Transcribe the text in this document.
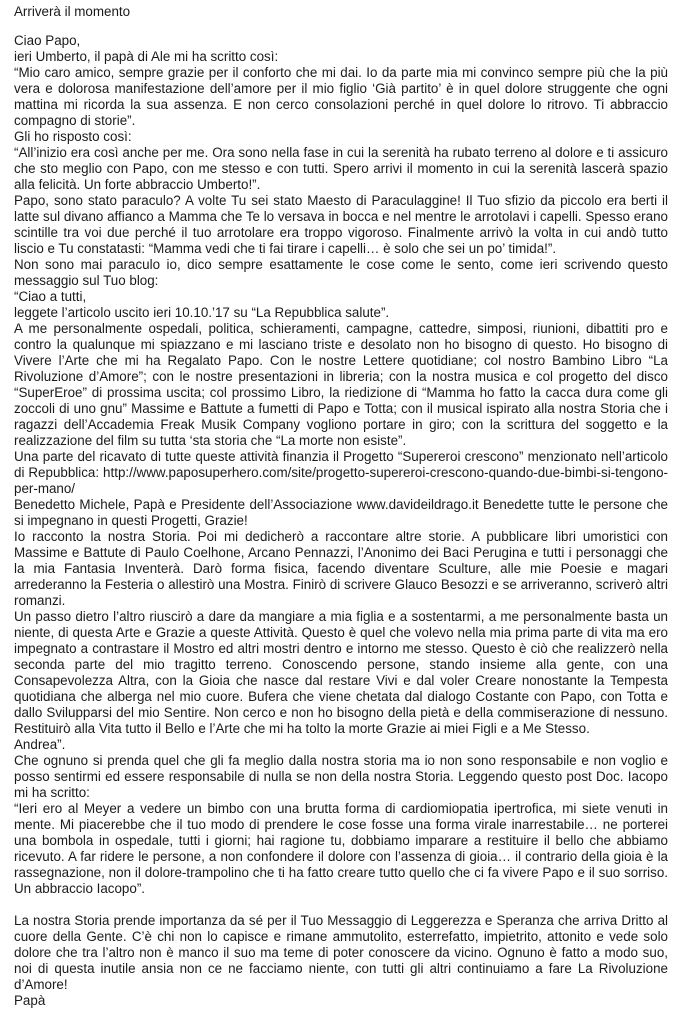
Arriverà il momento

Ciao Papo,

ieri Umberto, il papà di Ale mi ha scritto così:

“Mio caro amico, sempre grazie per il conforto che mi dai. Io da parte mia mi convinco sempre più che la più vera e dolorosa manifestazione dell’amore per il mio figlio ‘Già partito’ è in quel dolore struggente che ogni mattina mi ricorda la sua assenza. E non cerco consolazioni perché in quel dolore lo ritrovo. Ti abbraccio compagno di storie”.

Gli ho risposto così:

“All’inizio era così anche per me. Ora sono nella fase in cui la serenità ha rubato terreno al dolore e ti assicuro che sto meglio con Papo, con me stesso e con tutti. Spero arrivi il momento in cui la serenità lascerà spazio alla felicità. Un forte abbraccio Umberto!”.

Papo, sono stato paraculo? A volte Tu sei stato Maesto di Paraculaggine! Il Tuo sfizio da piccolo era berti il latte sul divano affianco a Mamma che Te lo versava in bocca e nel mentre le arrotolavi i capelli. Spesso erano scintille tra voi due perché il tuo arrotolare era troppo vigoroso. Finalmente arrivò la volta in cui andò tutto liscio e Tu constatasti: “Mamma vedi che ti fai tirare i capelli… è solo che sei un po’ timida!”.

Non sono mai paraculo io, dico sempre esattamente le cose come le sento, come ieri scrivendo questo messaggio sul Tuo blog:

“Ciao a tutti,

leggete l’articolo uscito ieri 10.10.’17 su “La Repubblica salute”.

A me personalmente ospedali, politica, schieramenti, campagne, cattedre, simposi, riunioni, dibattiti pro e contro la qualunque mi spiazzano e mi lasciano triste e desolato non ho bisogno di questo. Ho bisogno di Vivere l’Arte che mi ha Regalato Papo. Con le nostre Lettere quotidiane; col nostro Bambino Libro “La Rivoluzione d’Amore”; con le nostre presentazioni in libreria; con la nostra musica e col progetto del disco “SuperEroe” di prossima uscita; col prossimo Libro, la riedizione di “Mamma ho fatto la cacca dura come gli zoccoli di uno gnu” Massime e Battute a fumetti di Papo e Totta; con il musical ispirato alla nostra Storia che i ragazzi dell’Accademia Freak Musik Company vogliono portare in giro; con la scrittura del soggetto e la realizzazione del film su tutta ‘sta storia che “La morte non esiste”.

Una parte del ricavato di tutte queste attività finanzia il Progetto “Supereroi crescono” menzionato nell’articolo di Repubblica: http://www.paposuperhero.com/site/progetto-supereroi-crescono-quando-due-bimbi-si-tengono-per-mano/

Benedetto Michele, Papà e Presidente dell’Associazione www.davideildrago.it Benedette tutte le persone che si impegnano in questi Progetti, Grazie!

Io racconto la nostra Storia. Poi mi dedicherò a raccontare altre storie. A pubblicare libri umoristici con Massime e Battute di Paulo Coelhone, Arcano Pennazzi, l’Anonimo dei Baci Perugina e tutti i personaggi che la mia Fantasia Inventerà. Darò forma fisica, facendo diventare Sculture, alle mie Poesie e magari arrederanno la Festeria o allestirò una Mostra. Finirò di scrivere Glauco Besozzi e se arriveranno, scriverò altri romanzi.

Un passo dietro l’altro riuscirò a dare da mangiare a mia figlia e a sostentarmi, a me personalmente basta un niente, di questa Arte e Grazie a queste Attività. Questo è quel che volevo nella mia prima parte di vita ma ero impegnato a contrastare il Mostro ed altri mostri dentro e intorno me stesso. Questo è ciò che realizzerò nella seconda parte del mio tragitto terreno. Conoscendo persone, stando insieme alla gente, con una Consapevolezza Altra, con la Gioia che nasce dal restare Vivi e dal voler Creare nonostante la Tempesta quotidiana che alberga nel mio cuore. Bufera che viene chetata dal dialogo Costante con Papo, con Totta e dallo Svilupparsi del mio Sentire. Non cerco e non ho bisogno della pietà e della commiserazione di nessuno. Restituirò alla Vita tutto il Bello e l’Arte che mi ha tolto la morte Grazie ai miei Figli e a Me Stesso.

Andrea”.

Che ognuno si prenda quel che gli fa meglio dalla nostra storia ma io non sono responsabile e non voglio e posso sentirmi ed essere responsabile di nulla se non della nostra Storia. Leggendo questo post Doc. Iacopo mi ha scritto:

“Ieri ero al Meyer a vedere un bimbo con una brutta forma di cardiomiopatia ipertrofica, mi siete venuti in mente. Mi piacerebbe che il tuo modo di prendere le cose fosse una forma virale inarrestabile… ne porterei una bombola in ospedale, tutti i giorni; hai ragione tu, dobbiamo imparare a restituire il bello che abbiamo ricevuto. A far ridere le persone, a non confondere il dolore con l’assenza di gioia… il contrario della gioia è la rassegnazione, non il dolore-trampolino che ti ha fatto creare tutto quello che ci fa vivere Papo e il suo sorriso. Un abbraccio Iacopo”.

La nostra Storia prende importanza da sé per il Tuo Messaggio di Leggerezza e Speranza che arriva Dritto al cuore della Gente. C’è chi non lo capisce e rimane ammutolito, esterrefatto, impietrito, attonito e vede solo dolore che tra l’altro non è manco il suo ma teme di poter conoscere da vicino. Ognuno è fatto a modo suo, noi di questa inutile ansia non ce ne facciamo niente, con tutti gli altri continuiamo a fare La Rivoluzione d’Amore!

Papà
